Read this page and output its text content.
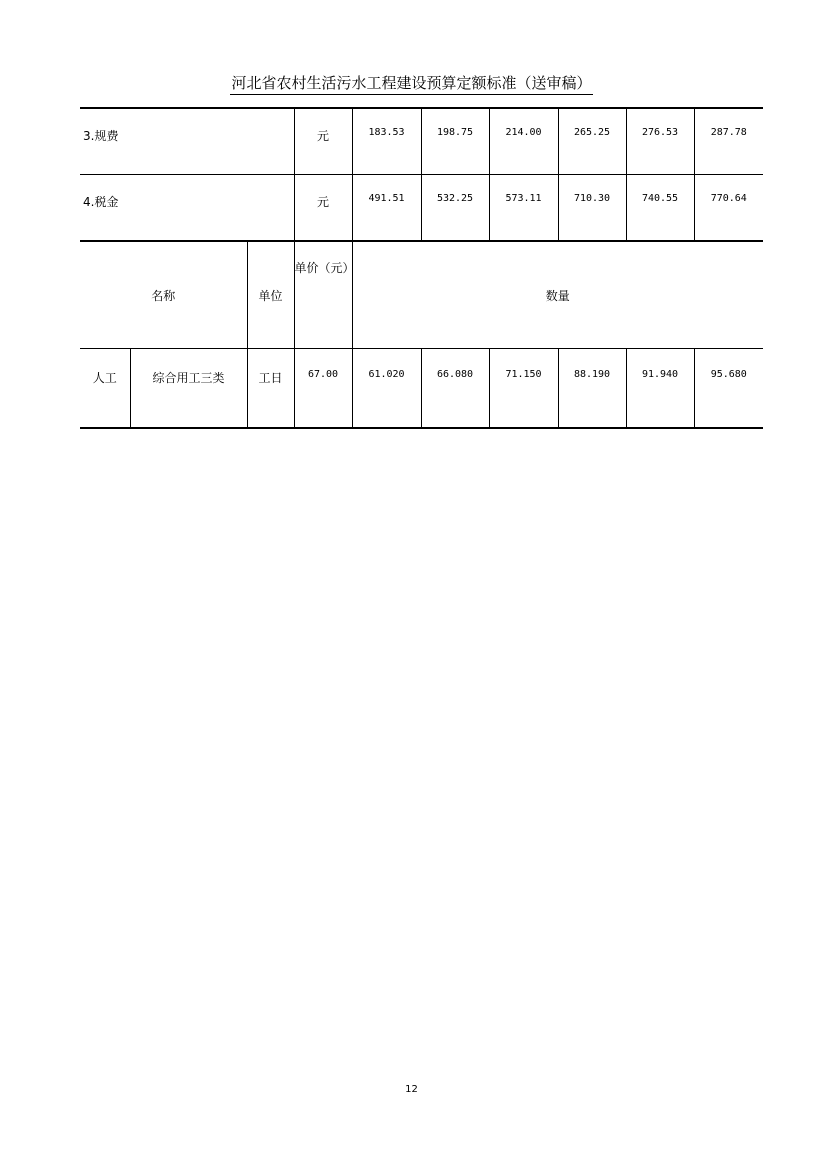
河北省农村生活污水工程建设预算定额标准（送审稿）
3.规费			元	183.53	198.75	214.00	265.25	276.53	287.78
4.税金			元	491.51	532.25	573.11	710.30	740.55	770.64
名称		单位	单价（元）	数量					
人工	综合用工三类	工日	67.00	61.020	66.080	71.150	88.190	91.940	95.680
12
